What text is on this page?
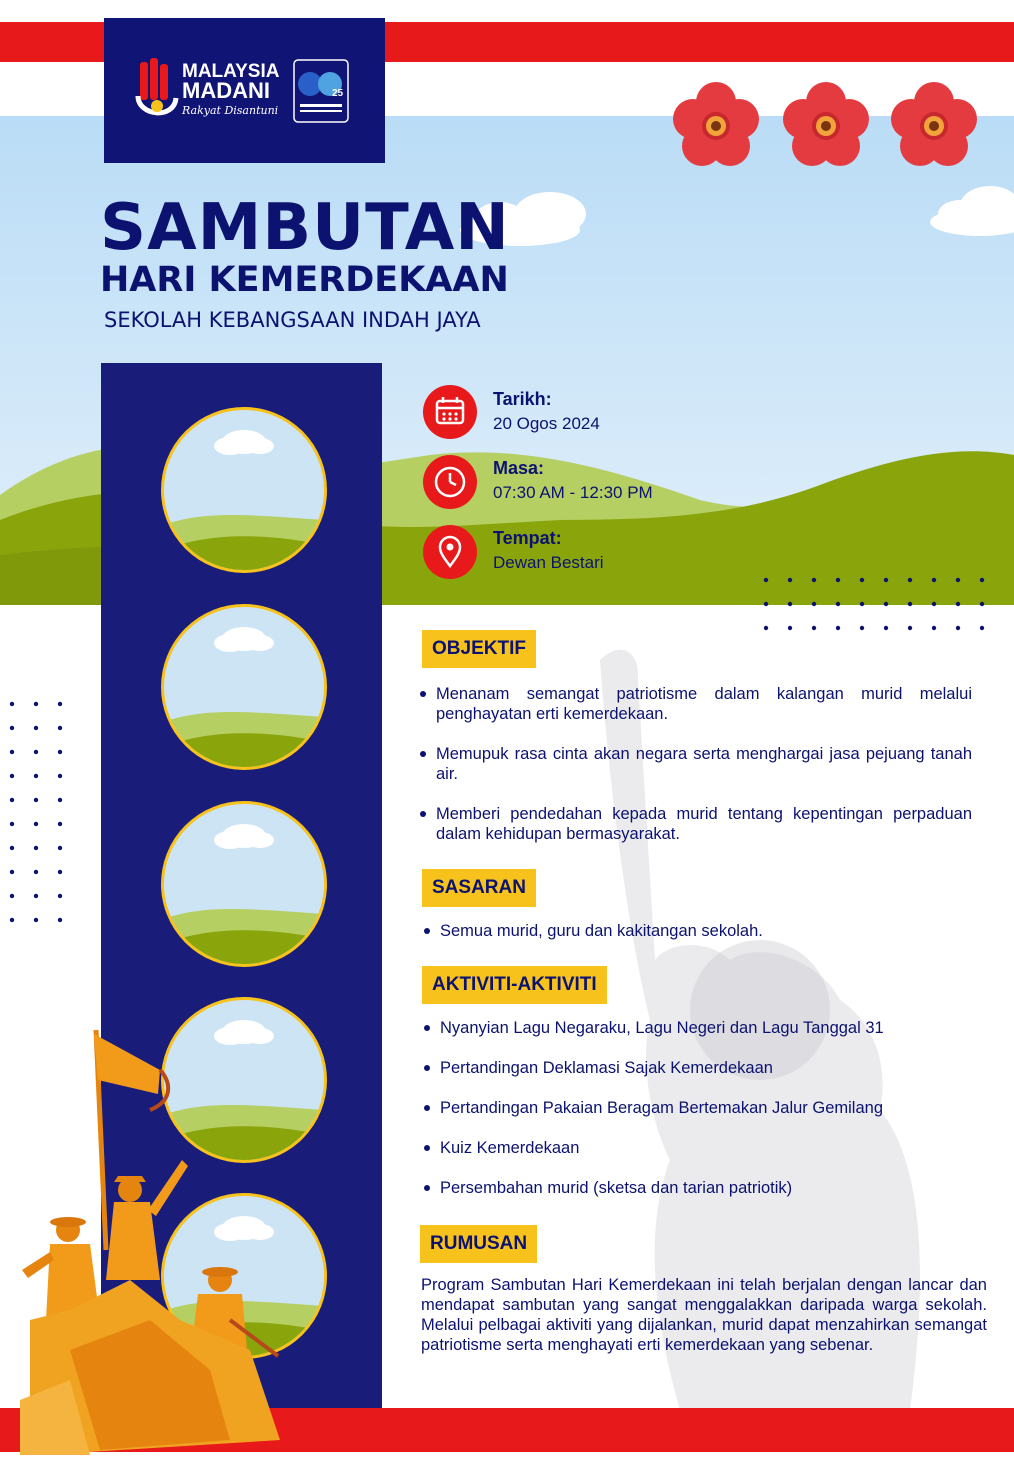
MALAYSIA
MADANI
Rakyat Disantuni
25
SAMBUTAN
HARI KEMERDEKAAN
SEKOLAH KEBANGSAAN INDAH JAYA
Tarikh:
20 Ogos 2024
Masa:
07:30 AM - 12:30 PM
Tempat:
Dewan Bestari
OBJEKTIF
Menanam semangat patriotisme dalam kalangan murid melalui penghayatan erti kemerdekaan.
Memupuk rasa cinta akan negara serta menghargai jasa pejuang tanah air.
Memberi pendedahan kepada murid tentang kepentingan perpaduan dalam kehidupan bermasyarakat.
SASARAN
Semua murid, guru dan kakitangan sekolah.
AKTIVITI-AKTIVITI
Nyanyian Lagu Negaraku, Lagu Negeri dan Lagu Tanggal 31
Pertandingan Deklamasi Sajak Kemerdekaan
Pertandingan Pakaian Beragam Bertemakan Jalur Gemilang
Kuiz Kemerdekaan
Persembahan murid (sketsa dan tarian patriotik)
RUMUSAN
Program Sambutan Hari Kemerdekaan ini telah berjalan dengan lancar dan mendapat sambutan yang sangat menggalakkan daripada warga sekolah. Melalui pelbagai aktiviti yang dijalankan, murid dapat menzahirkan semangat patriotisme serta menghayati erti kemerdekaan yang sebenar.
